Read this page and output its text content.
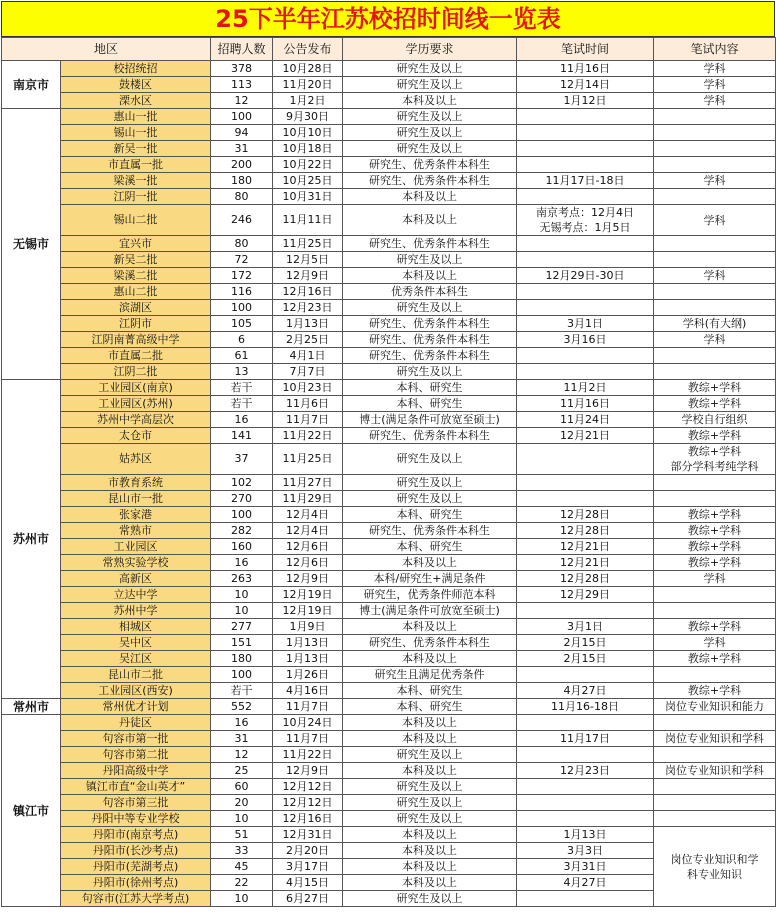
25下半年江苏校招时间线一览表
地区		招聘人数	公告发布	学历要求	笔试时间	笔试内容
南京市	校招统招	378	10月28日	研究生及以上	11月16日	学科

	鼓楼区	113	11月20日	研究生及以上	12月14日	学科

	溧水区	12	1月2日	本科及以上	1月12日	学科

无锡市	惠山一批	100	9月30日	研究生及以上	

	锡山一批	94	10月10日	研究生及以上	

	新吴一批	31	10月18日	研究生及以上	

	市直属一批	200	10月22日	研究生、优秀条件本科生	

	梁溪一批	180	10月25日	研究生、优秀条件本科生	11月17日-18日	学科

	江阴一批	80	10月31日	本科及以上	

	锡山二批	246	11月11日	本科及以上	南京考点：12月4日
无锡考点：1月5日	学科

	宜兴市	80	11月25日	研究生、优秀条件本科生	

	新吴二批	72	12月5日	研究生及以上	

	梁溪二批	172	12月9日	本科及以上	12月29日-30日	学科

	惠山二批	116	12月16日	优秀条件本科生	

	滨湖区	100	12月23日	研究生及以上	

	江阴市	105	1月13日	研究生、优秀条件本科生	3月1日	学科(有大纲)

	江阴南菁高级中学	6	2月25日	研究生、优秀条件本科生	3月16日	学科

	市直属二批	61	4月1日	研究生、优秀条件本科生	

	江阴二批	13	7月7日	研究生及以上	

苏州市	工业园区(南京)	若干	10月23日	本科、研究生	11月2日	教综+学科

	工业园区(苏州)	若干	11月6日	本科、研究生	11月16日	教综+学科

	苏州中学高层次	16	11月7日	博士(满足条件可放宽至硕士)	11月24日	学校自行组织

	太仓市	141	11月22日	研究生、优秀条件本科生	12月21日	教综+学科

	姑苏区	37	11月25日	研究生及以上		教综+学科
部分学科考纯学科

	市教育系统	102	11月27日	研究生及以上	

	昆山市一批	270	11月29日	研究生及以上	

	张家港	100	12月4日	本科、研究生	12月28日	教综+学科

	常熟市	282	12月4日	研究生、优秀条件本科生	12月28日	教综+学科

	工业园区	160	12月6日	本科、研究生	12月21日	教综+学科

	常熟实验学校	16	12月6日	本科及以上	12月21日	教综+学科

	高新区	263	12月9日	本科/研究生+满足条件	12月28日	学科

	立达中学	10	12月19日	研究生，优秀条件师范本科	12月29日	

	苏州中学	10	12月19日	博士(满足条件可放宽至硕士)	

	相城区	277	1月9日	本科及以上	3月1日	教综+学科

	吴中区	151	1月13日	研究生、优秀条件本科生	2月15日	学科

	吴江区	180	1月13日	本科及以上	2月15日	教综+学科

	昆山市二批	100	1月26日	研究生且满足优秀条件	

	工业园区(西安)	若干	4月16日	本科、研究生	4月27日	教综+学科

常州市	常州优才计划	552	11月7日	本科、研究生	11月16-18日	岗位专业知识和能力

镇江市	丹徒区	16	10月24日	本科及以上	

	句容市第一批	31	11月7日	本科及以上	11月17日	岗位专业知识和学科

	句容市第二批	12	11月22日	研究生及以上	

	丹阳高级中学	25	12月9日	本科及以上	12月23日	岗位专业知识和学科

	镇江市直“金山英才”	60	12月12日	研究生及以上	

	句容市第三批	20	12月12日	研究生及以上	

	丹阳中等专业学校	10	12月16日	研究生及以上	

	丹阳市(南京考点)	51	12月31日	本科及以上	1月13日	岗位专业知识和学
科专业知识

	丹阳市(长沙考点)	33	2月20日	本科及以上	3月3日	

	丹阳市(芜湖考点)	45	3月17日	本科及以上	3月31日	

	丹阳市(徐州考点)	22	4月15日	本科及以上	4月27日	

	句容市(江苏大学考点)	10	6月27日	研究生及以上		
